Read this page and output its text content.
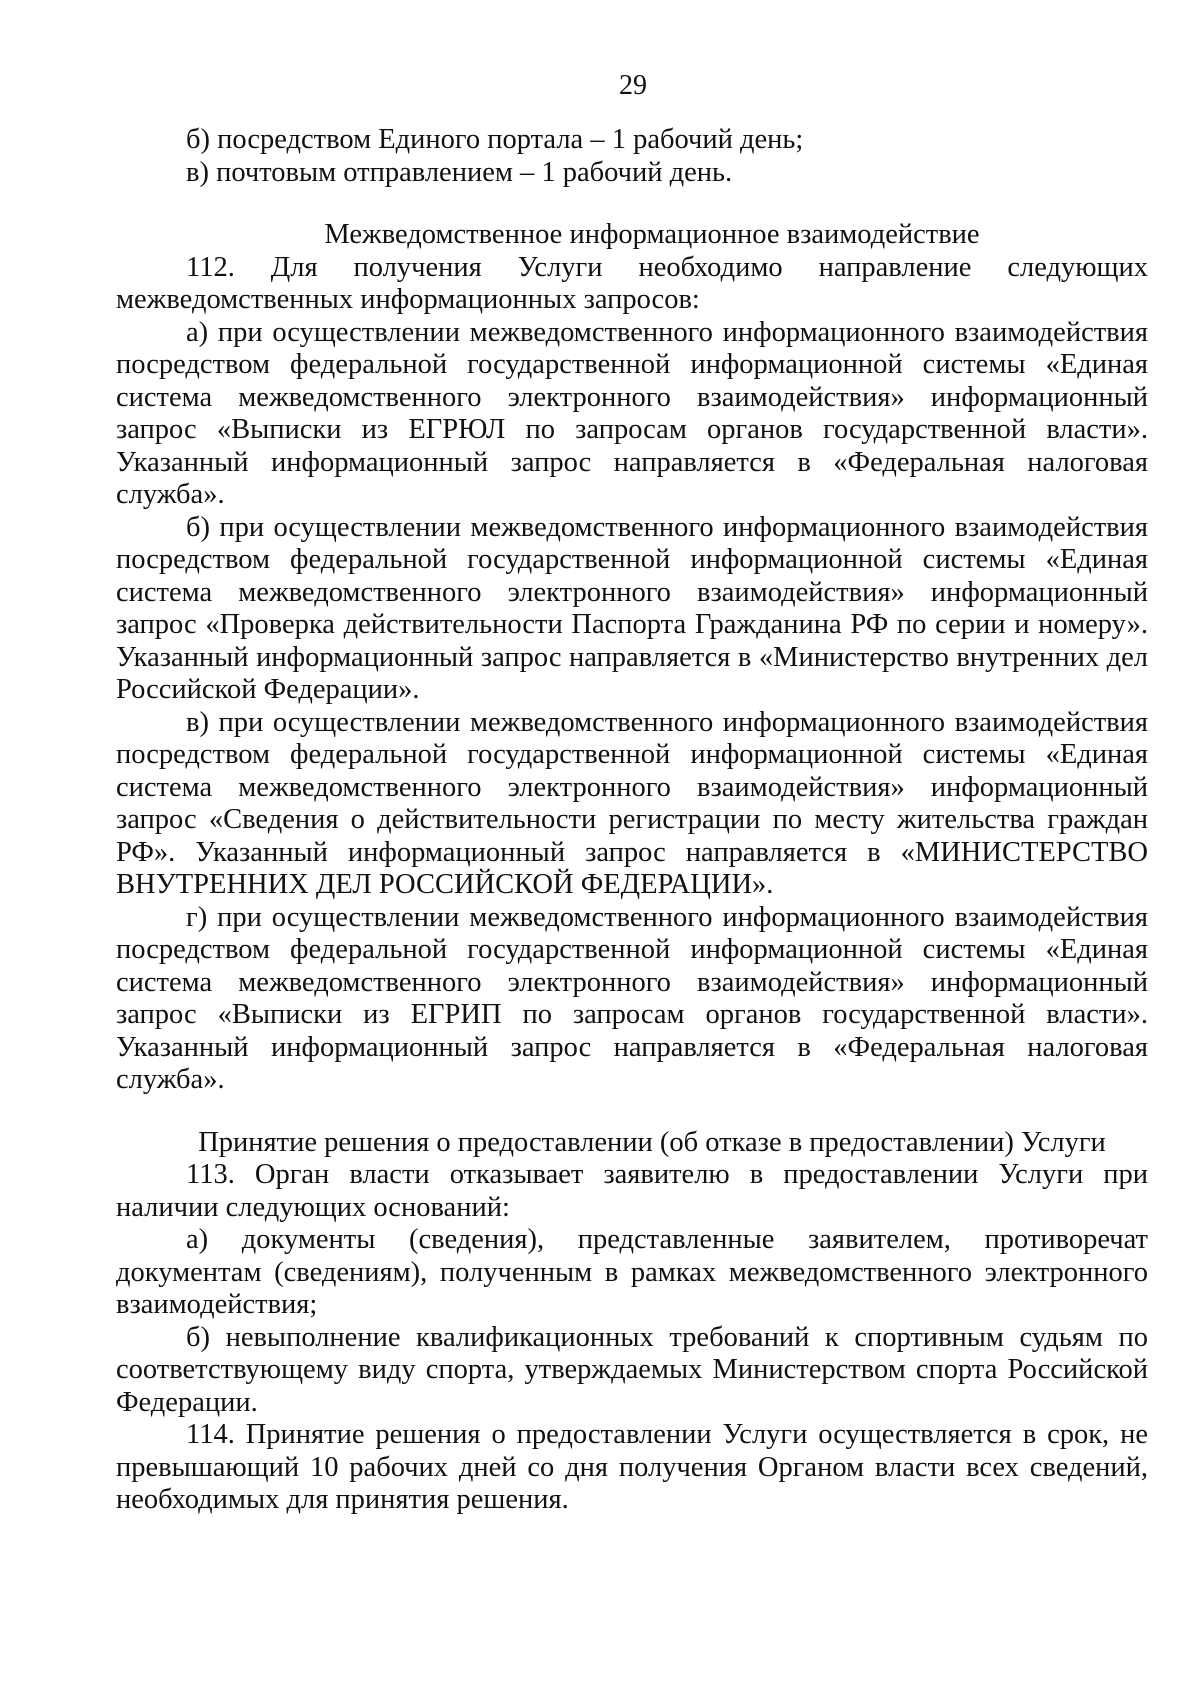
29

б) посредством Единого портала – 1 рабочий день;

в) почтовым отправлением – 1 рабочий день.

Межведомственное информационное взаимодействие

112. Для получения Услуги необходимо направление следующих межведомственных информационных запросов:

а) при осуществлении межведомственного информационного взаимодействия посредством федеральной государственной информационной системы «Единая система межведомственного электронного взаимодействия» информационный запрос «Выписки из ЕГРЮЛ по запросам органов государственной власти». Указанный информационный запрос направляется в «Федеральная налоговая служба».

б) при осуществлении межведомственного информационного взаимодействия посредством федеральной государственной информационной системы «Единая система межведомственного электронного взаимодействия» информационный запрос «Проверка действительности Паспорта Гражданина РФ по серии и номеру». Указанный информационный запрос направляется в «Министерство внутренних дел Российской Федерации».

в) при осуществлении межведомственного информационного взаимодействия посредством федеральной государственной информационной системы «Единая система межведомственного электронного взаимодействия» информационный запрос «Сведения о действительности регистрации по месту жительства граждан РФ». Указанный информационный запрос направляется в «МИНИСТЕРСТВО ВНУТРЕННИХ ДЕЛ РОССИЙСКОЙ ФЕДЕРАЦИИ».

г) при осуществлении межведомственного информационного взаимодействия посредством федеральной государственной информационной системы «Единая система межведомственного электронного взаимодействия» информационный запрос «Выписки из ЕГРИП по запросам органов государственной власти». Указанный информационный запрос направляется в «Федеральная налоговая служба».

Принятие решения о предоставлении (об отказе в предоставлении) Услуги

113. Орган власти отказывает заявителю в предоставлении Услуги при наличии следующих оснований:

а) документы (сведения), представленные заявителем, противоречат документам (сведениям), полученным в рамках межведомственного электронного взаимодействия;

б) невыполнение квалификационных требований к спортивным судьям по соответствующему виду спорта, утверждаемых Министерством спорта Российской Федерации.

114. Принятие решения о предоставлении Услуги осуществляется в срок, не превышающий 10 рабочих дней со дня получения Органом власти всех сведений, необходимых для принятия решения.
